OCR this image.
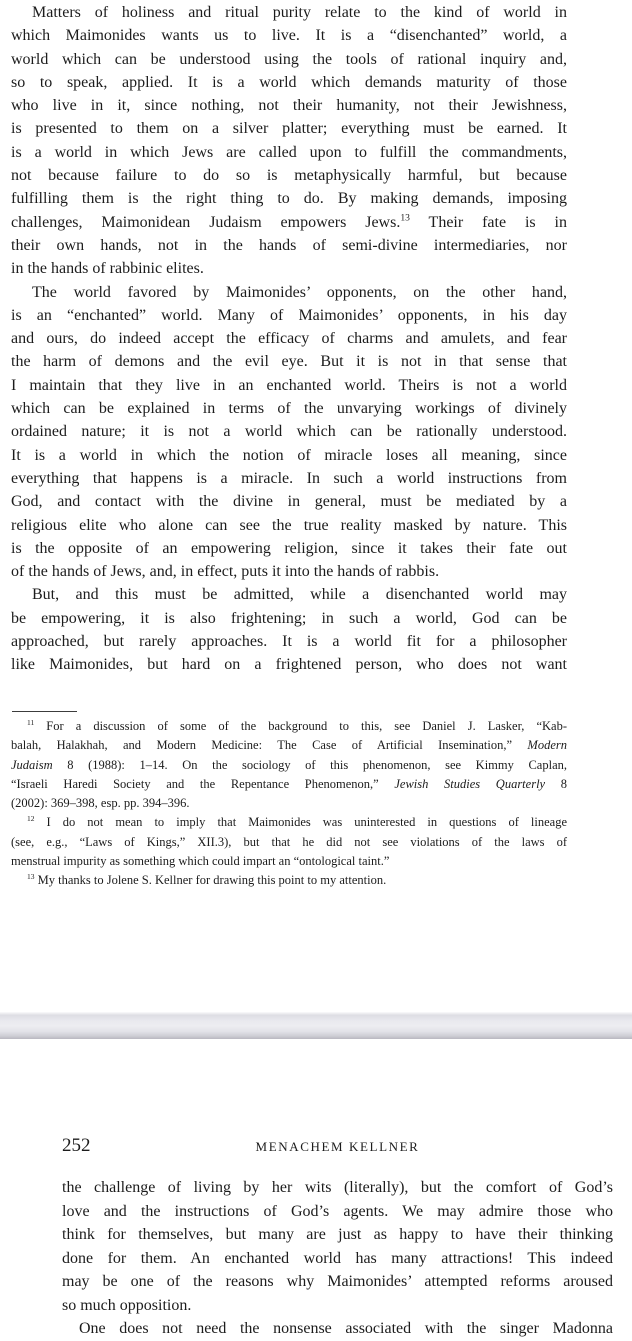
Matters of holiness and ritual purity relate to the kind of world in
which Maimonides wants us to live. It is a “disenchanted” world, a
world which can be understood using the tools of rational inquiry and,
so to speak, applied. It is a world which demands maturity of those
who live in it, since nothing, not their humanity, not their Jewishness,
is presented to them on a silver platter; everything must be earned. It
is a world in which Jews are called upon to fulfill the commandments,
not because failure to do so is metaphysically harmful, but because
fulfilling them is the right thing to do. By making demands, imposing
challenges, Maimonidean Judaism empowers Jews.$^{13}$ Their fate is in
their own hands, not in the hands of semi-divine intermediaries, nor
in the hands of rabbinic elites.
The world favored by Maimonides’ opponents, on the other hand,
is an “enchanted” world. Many of Maimonides’ opponents, in his day
and ours, do indeed accept the efficacy of charms and amulets, and fear
the harm of demons and the evil eye. But it is not in that sense that
I maintain that they live in an enchanted world. Theirs is not a world
which can be explained in terms of the unvarying workings of divinely
ordained nature; it is not a world which can be rationally understood.
It is a world in which the notion of miracle loses all meaning, since
everything that happens is a miracle. In such a world instructions from
God, and contact with the divine in general, must be mediated by a
religious elite who alone can see the true reality masked by nature. This
is the opposite of an empowering religion, since it takes their fate out
of the hands of Jews, and, in effect, puts it into the hands of rabbis.
But, and this must be admitted, while a disenchanted world may
be empowering, it is also frightening; in such a world, God can be
approached, but rarely approaches. It is a world fit for a philosopher
like Maimonides, but hard on a frightened person, who does not want
$^{11}$ For a discussion of some of the background to this, see Daniel J. Lasker, “Kab-
balah, Halakhah, and Modern Medicine: The Case of Artificial Insemination,” Modern
Judaism 8 (1988): 1–14. On the sociology of this phenomenon, see Kimmy Caplan,
“Israeli Haredi Society and the Repentance Phenomenon,” Jewish Studies Quarterly 8
(2002): 369–398, esp. pp. 394–396.
$^{12}$ I do not mean to imply that Maimonides was uninterested in questions of lineage
(see, e.g., “Laws of Kings,” XII.3), but that he did not see violations of the laws of
menstrual impurity as something which could impart an “ontological taint.”
$^{13}$ My thanks to Jolene S. Kellner for drawing this point to my attention.
252	MENACHEM KELLNER
the challenge of living by her wits (literally), but the comfort of God’s
love and the instructions of God’s agents. We may admire those who
think for themselves, but many are just as happy to have their thinking
done for them. An enchanted world has many attractions! This indeed
may be one of the reasons why Maimonides’ attempted reforms aroused
so much opposition.
One does not need the nonsense associated with the singer Madonna
